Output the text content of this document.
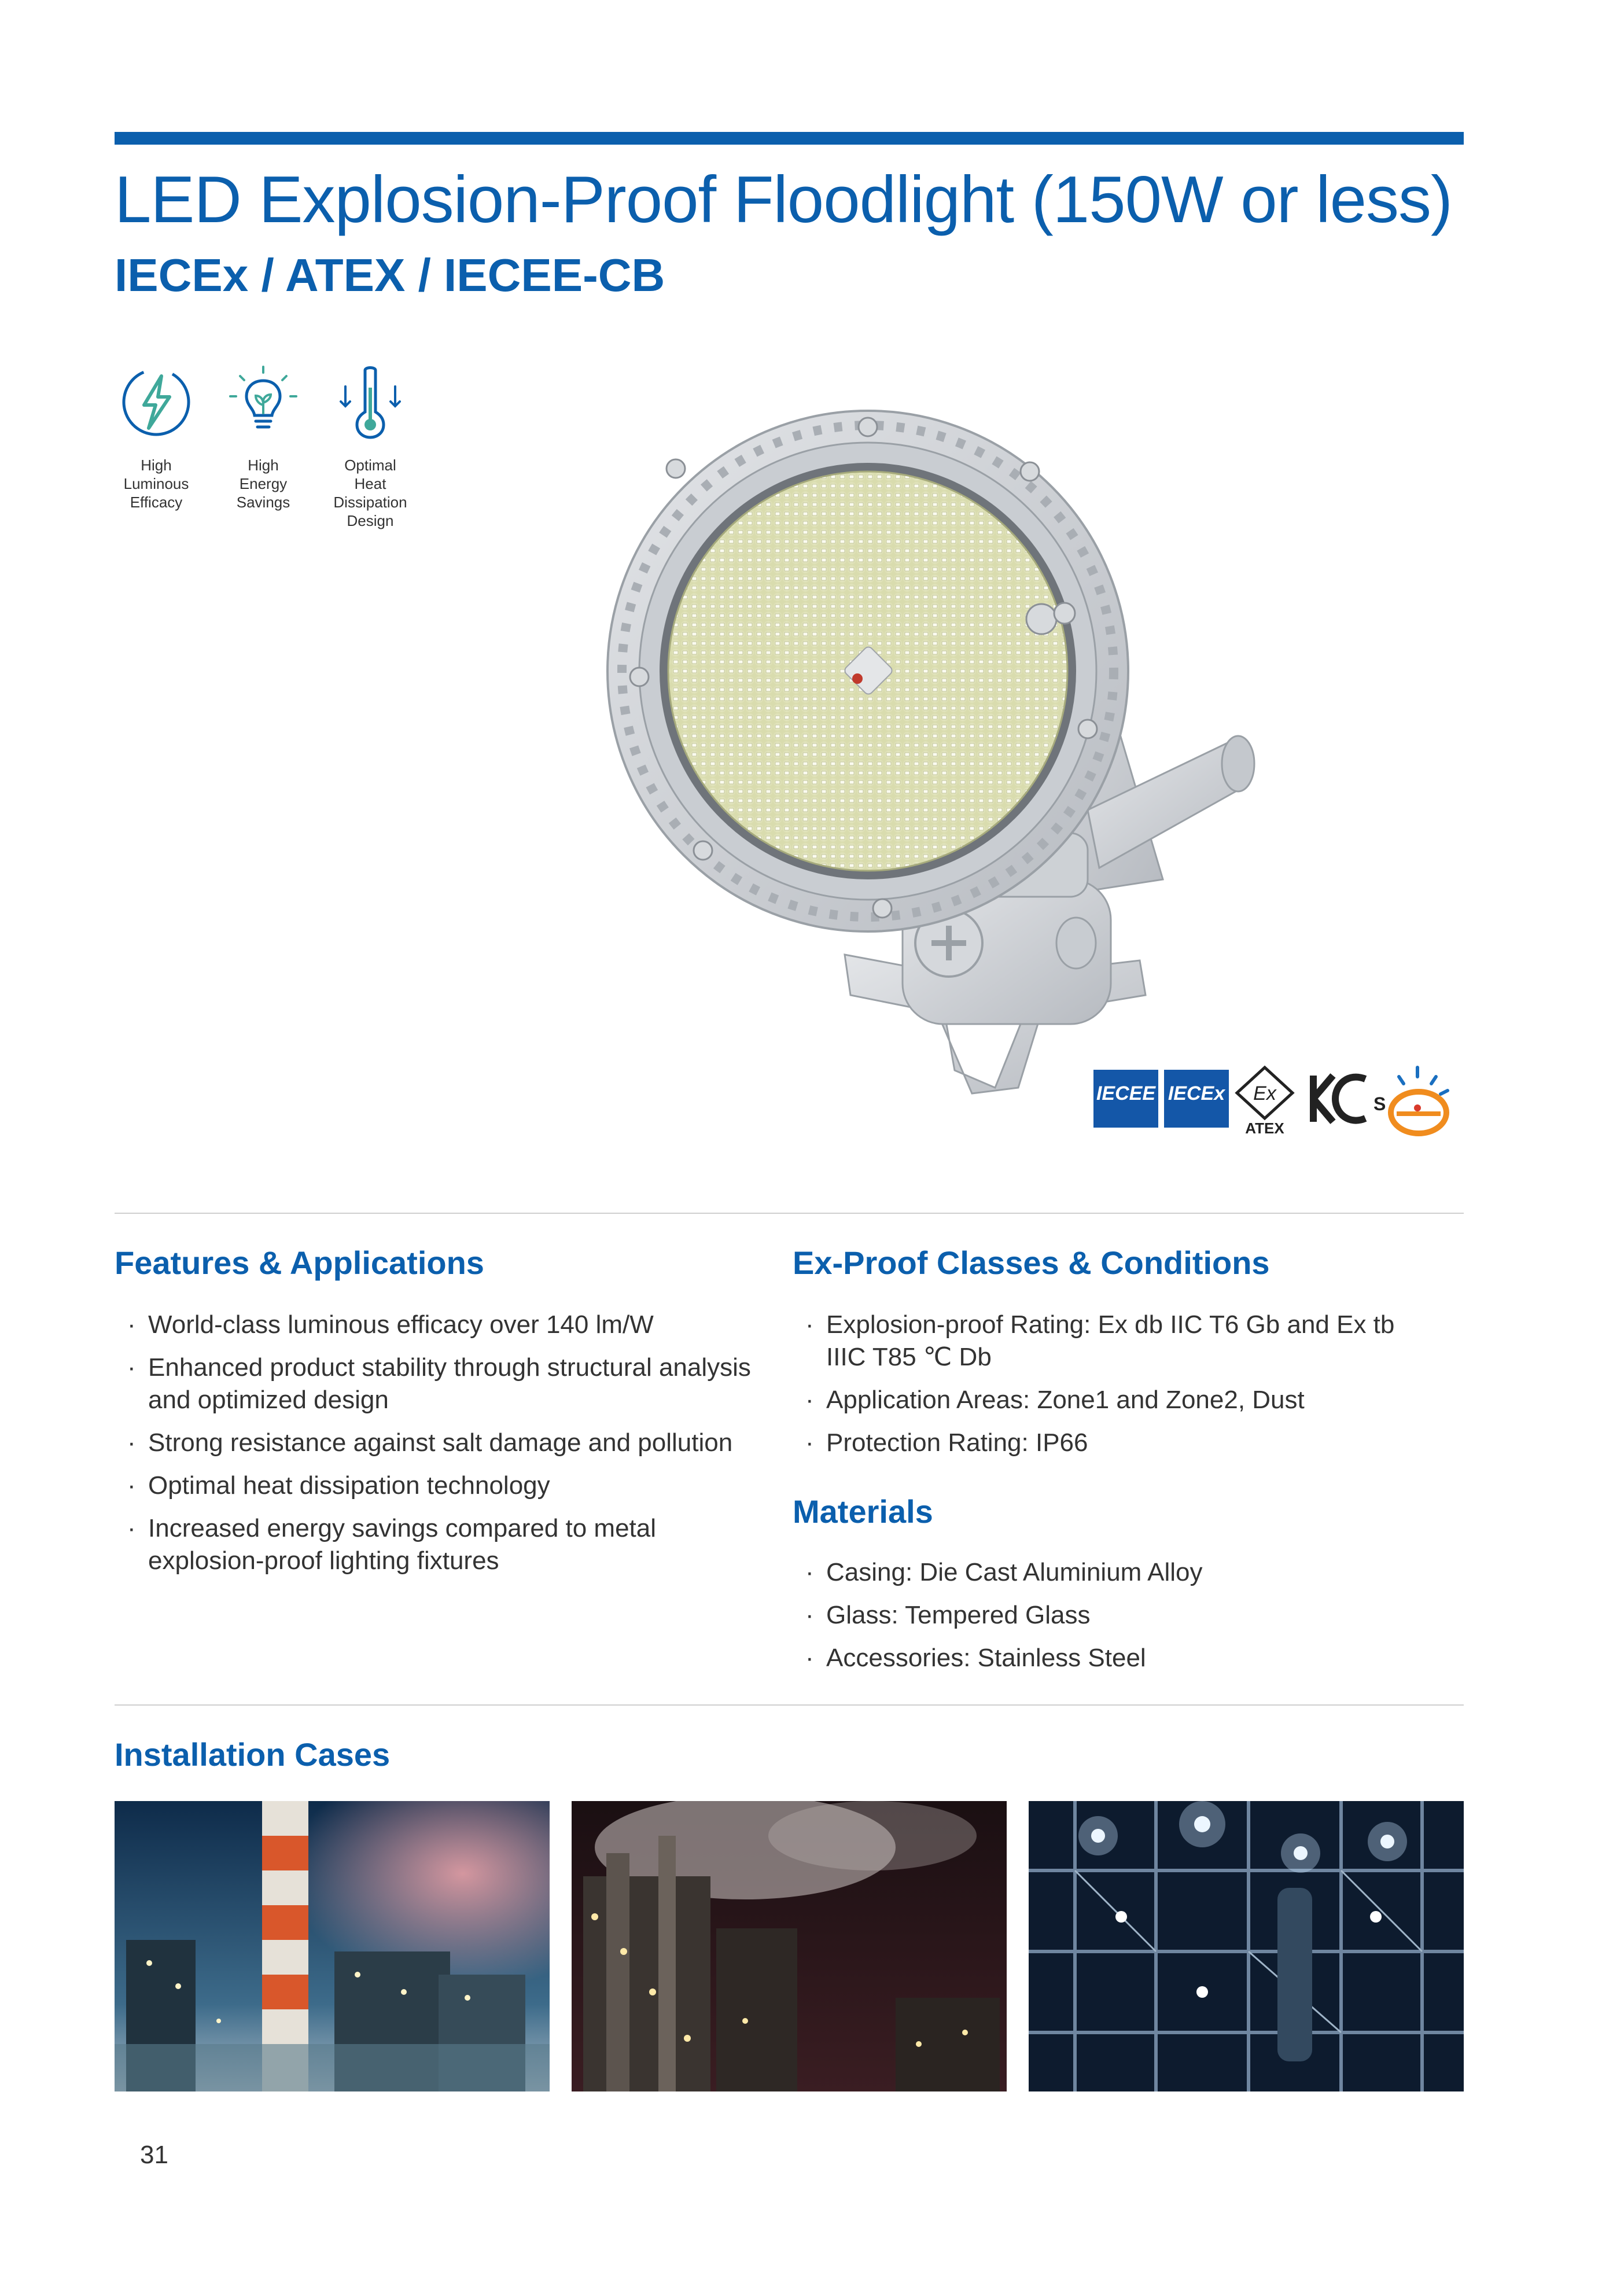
LED Explosion-Proof Floodlight (150W or less)
IECEx / ATEX / IECEE-CB
High
Luminous
Efficacy
High
Energy
Savings
Optimal
Heat
Dissipation
Design
IECEE IECEx Ex
ATEX
S
Features & Applications
· World-class luminous efficacy over 140 lm/W
· Enhanced product stability through structural analysis and optimized design
· Strong resistance against salt damage and pollution
· Optimal heat dissipation technology
· Increased energy savings compared to metal explosion-proof lighting fixtures
Ex-Proof Classes & Conditions
· Explosion-proof Rating: Ex db IIC T6 Gb and Ex tb IIIC T85 ℃ Db
· Application Areas: Zone1 and Zone2, Dust
· Protection Rating: IP66
Materials
· Casing: Die Cast Aluminium Alloy
· Glass: Tempered Glass
· Accessories: Stainless Steel
Installation Cases
31
